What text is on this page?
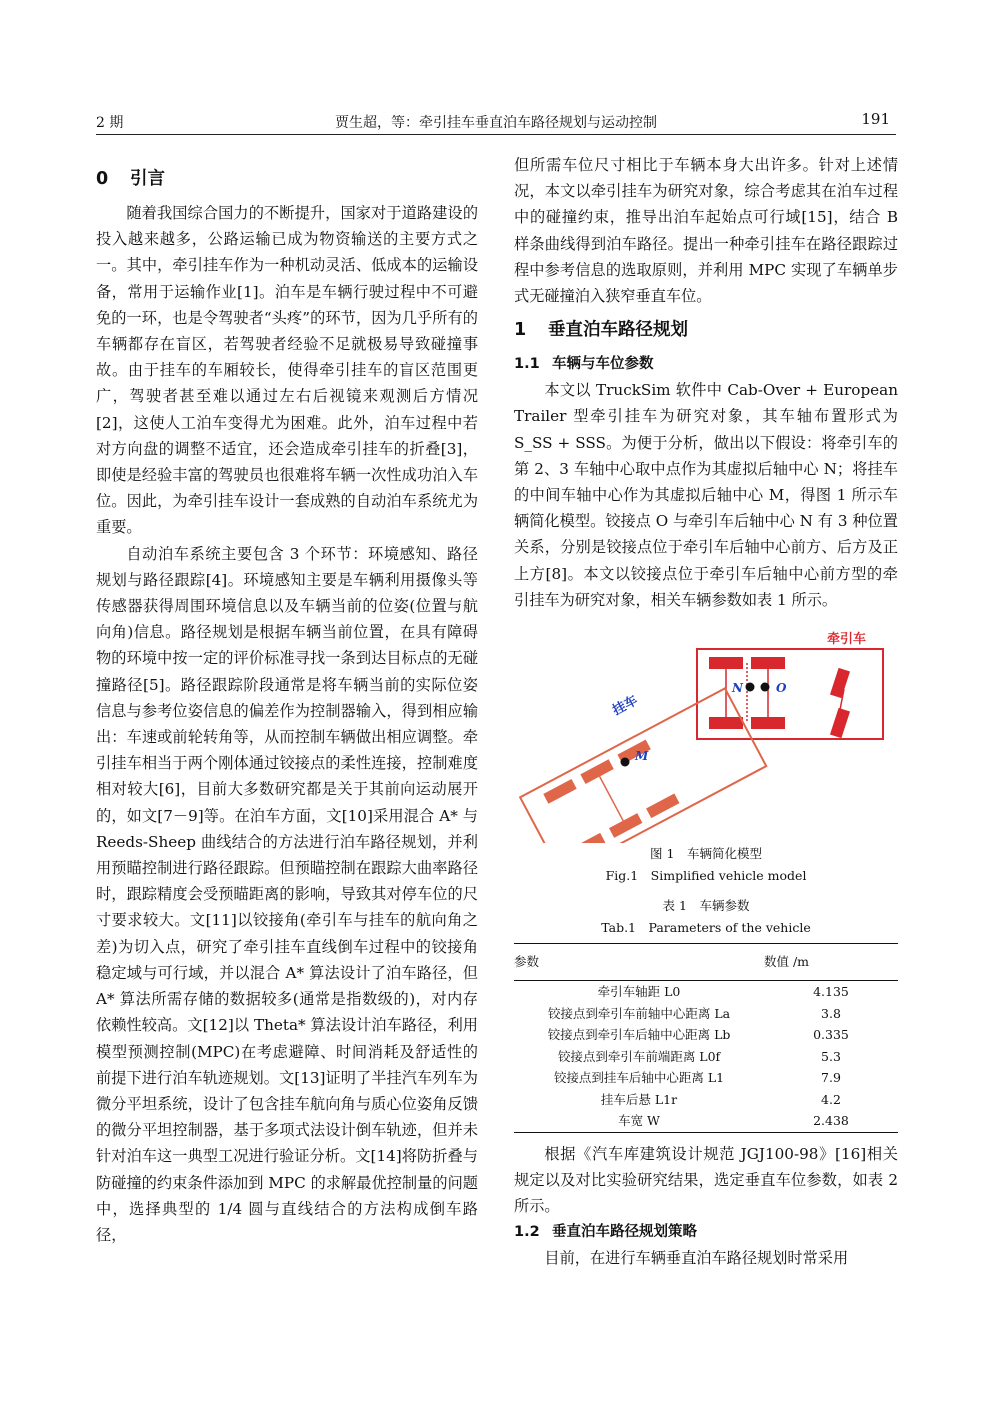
2 期	贾生超，等：牵引挂车垂直泊车路径规划与运动控制	191
0 引言

随着我国综合国力的不断提升，国家对于道路建设的投入越来越多，公路运输已成为物资输送的主要方式之一。其中，牵引挂车作为一种机动灵活、低成本的运输设备，常用于运输作业[1]。泊车是车辆行驶过程中不可避免的一环，也是令驾驶者“头疼”的环节，因为几乎所有的车辆都存在盲区，若驾驶者经验不足就极易导致碰撞事故。由于挂车的车厢较长，使得牵引挂车的盲区范围更广，驾驶者甚至难以通过左右后视镜来观测后方情况[2]，这使人工泊车变得尤为困难。此外，泊车过程中若对方向盘的调整不适宜，还会造成牵引挂车的折叠[3]，即使是经验丰富的驾驶员也很难将车辆一次性成功泊入车位。因此，为牵引挂车设计一套成熟的自动泊车系统尤为重要。

自动泊车系统主要包含 3 个环节：环境感知、路径规划与路径跟踪[4]。环境感知主要是车辆利用摄像头等传感器获得周围环境信息以及车辆当前的位姿(位置与航向角)信息。路径规划是根据车辆当前位置，在具有障碍物的环境中按一定的评价标准寻找一条到达目标点的无碰撞路径[5]。路径跟踪阶段通常是将车辆当前的实际位姿信息与参考位姿信息的偏差作为控制器输入，得到相应输出：车速或前轮转角等，从而控制车辆做出相应调整。牵引挂车相当于两个刚体通过铰接点的柔性连接，控制难度相对较大[6]，目前大多数研究都是关于其前向运动展开的，如文[7－9]等。在泊车方面，文[10]采用混合 A* 与 Reeds-Sheep 曲线结合的方法进行泊车路径规划，并利用预瞄控制进行路径跟踪。但预瞄控制在跟踪大曲率路径时，跟踪精度会受预瞄距离的影响，导致其对停车位的尺寸要求较大。文[11]以铰接角(牵引车与挂车的航向角之差)为切入点，研究了牵引挂车直线倒车过程中的铰接角稳定域与可行域，并以混合 A* 算法设计了泊车路径，但 A* 算法所需存储的数据较多(通常是指数级的)，对内存依赖性较高。文[12]以 Theta* 算法设计泊车路径，利用模型预测控制(MPC)在考虑避障、时间消耗及舒适性的前提下进行泊车轨迹规划。文[13]证明了半挂汽车列车为微分平坦系统，设计了包含挂车航向角与质心位姿角反馈的微分平坦控制器，基于多项式法设计倒车轨迹，但并未针对泊车这一典型工况进行验证分析。文[14]将防折叠与防碰撞的约束条件添加到 MPC 的求解最优控制量的问题中，选择典型的 1/4 圆与直线结合的方法构成倒车路径，

但所需车位尺寸相比于车辆本身大出许多。针对上述情况，本文以牵引挂车为研究对象，综合考虑其在泊车过程中的碰撞约束，推导出泊车起始点可行域[15]，结合 B 样条曲线得到泊车路径。提出一种牵引挂车在路径跟踪过程中参考信息的选取原则，并利用 MPC 实现了车辆单步式无碰撞泊入狭窄垂直车位。

1 垂直泊车路径规划
1.1 车辆与车位参数

本文以 TruckSim 软件中 Cab-Over + European Trailer 型牵引挂车为研究对象，其车轴布置形式为 S_SS + SSS。为便于分析，做出以下假设：将牵引车的第 2、3 车轴中心取中点作为其虚拟后轴中心 N；将挂车的中间车轴中心作为其虚拟后轴中心 M，得图 1 所示车辆简化模型。铰接点 O 与牵引车后轴中心 N 有 3 种位置关系，分别是铰接点位于牵引车后轴中心前方、后方及正上方[8]。本文以铰接点位于牵引车后轴中心前方型的牵引挂车为研究对象，相关车辆参数如表 1 所示。

牵引车
N	O
M
挂车
图 1　车辆简化模型
Fig.1　Simplified vehicle model
表 1　车辆参数
Tab.1　Parameters of the vehicle
参数	数值 /m
牵引车轴距 L0	4.135
铰接点到牵引车前轴中心距离 La	3.8
铰接点到牵引车后轴中心距离 Lb	0.335
铰接点到牵引车前端距离 L0f	5.3
铰接点到挂车后轴中心距离 L1	7.9
挂车后悬 L1r	4.2
车宽 W	2.438

根据《汽车库建筑设计规范 JGJ100-98》[16]相关规定以及对比实验研究结果，选定垂直车位参数，如表 2 所示。

1.2 垂直泊车路径规划策略

目前，在进行车辆垂直泊车路径规划时常采用
